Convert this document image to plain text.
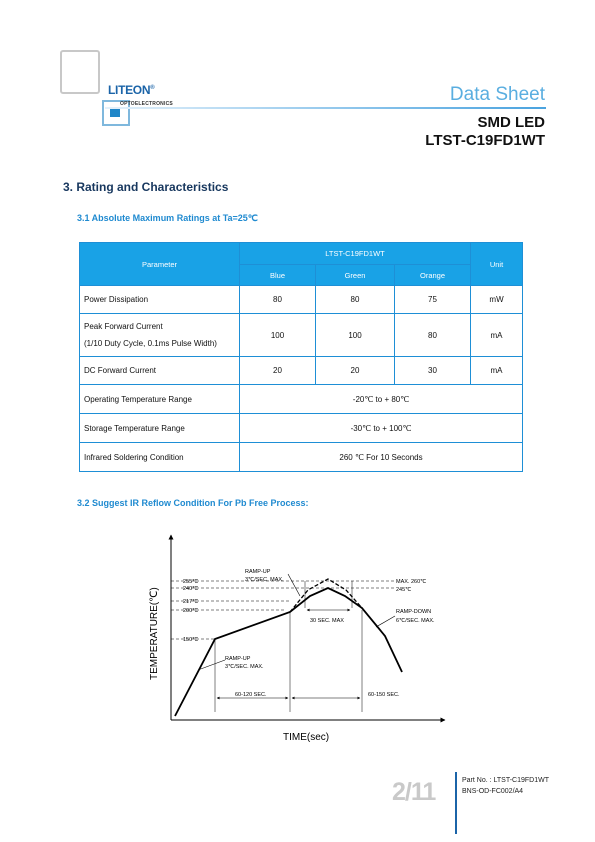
LITEON®
OPTOELECTRONICS	Data Sheet
SMD LED
LTST-C19FD1WT
3. Rating and Characteristics
3.1 Absolute Maximum Ratings at Ta=25℃
Parameter	LTST-C19FD1WT			Unit
	Blue	Green	Orange	
Power Dissipation	80	80	75	mW

Peak Forward Current
(1/10 Duty Cycle, 0.1ms Pulse Width)	100	100	80	mA
DC Forward Current	20	20	30	mA
Operating Temperature Range	-20℃ to + 80℃			
Storage Temperature Range	-30℃ to + 100℃			
Infrared Soldering Condition	260 ℃ For 10 Seconds			
3.2 Suggest IR Reflow Condition For Pb Free Process:
255℃
240℃
217℃
200℃
150℃
RAMP-UP
3℃/SEC. MAX.	MAX. 260℃
245℃
30 SEC. MAX
RAMP-DOWN
6℃/SEC. MAX.
RAMP-UP
3℃/SEC. MAX.
60-120 SEC.	60-150 SEC.
TEMPERATURE(℃)
TIME(sec)
2/11	Part No. : LTST-C19FD1WT
BNS-OD-FC002/A4
